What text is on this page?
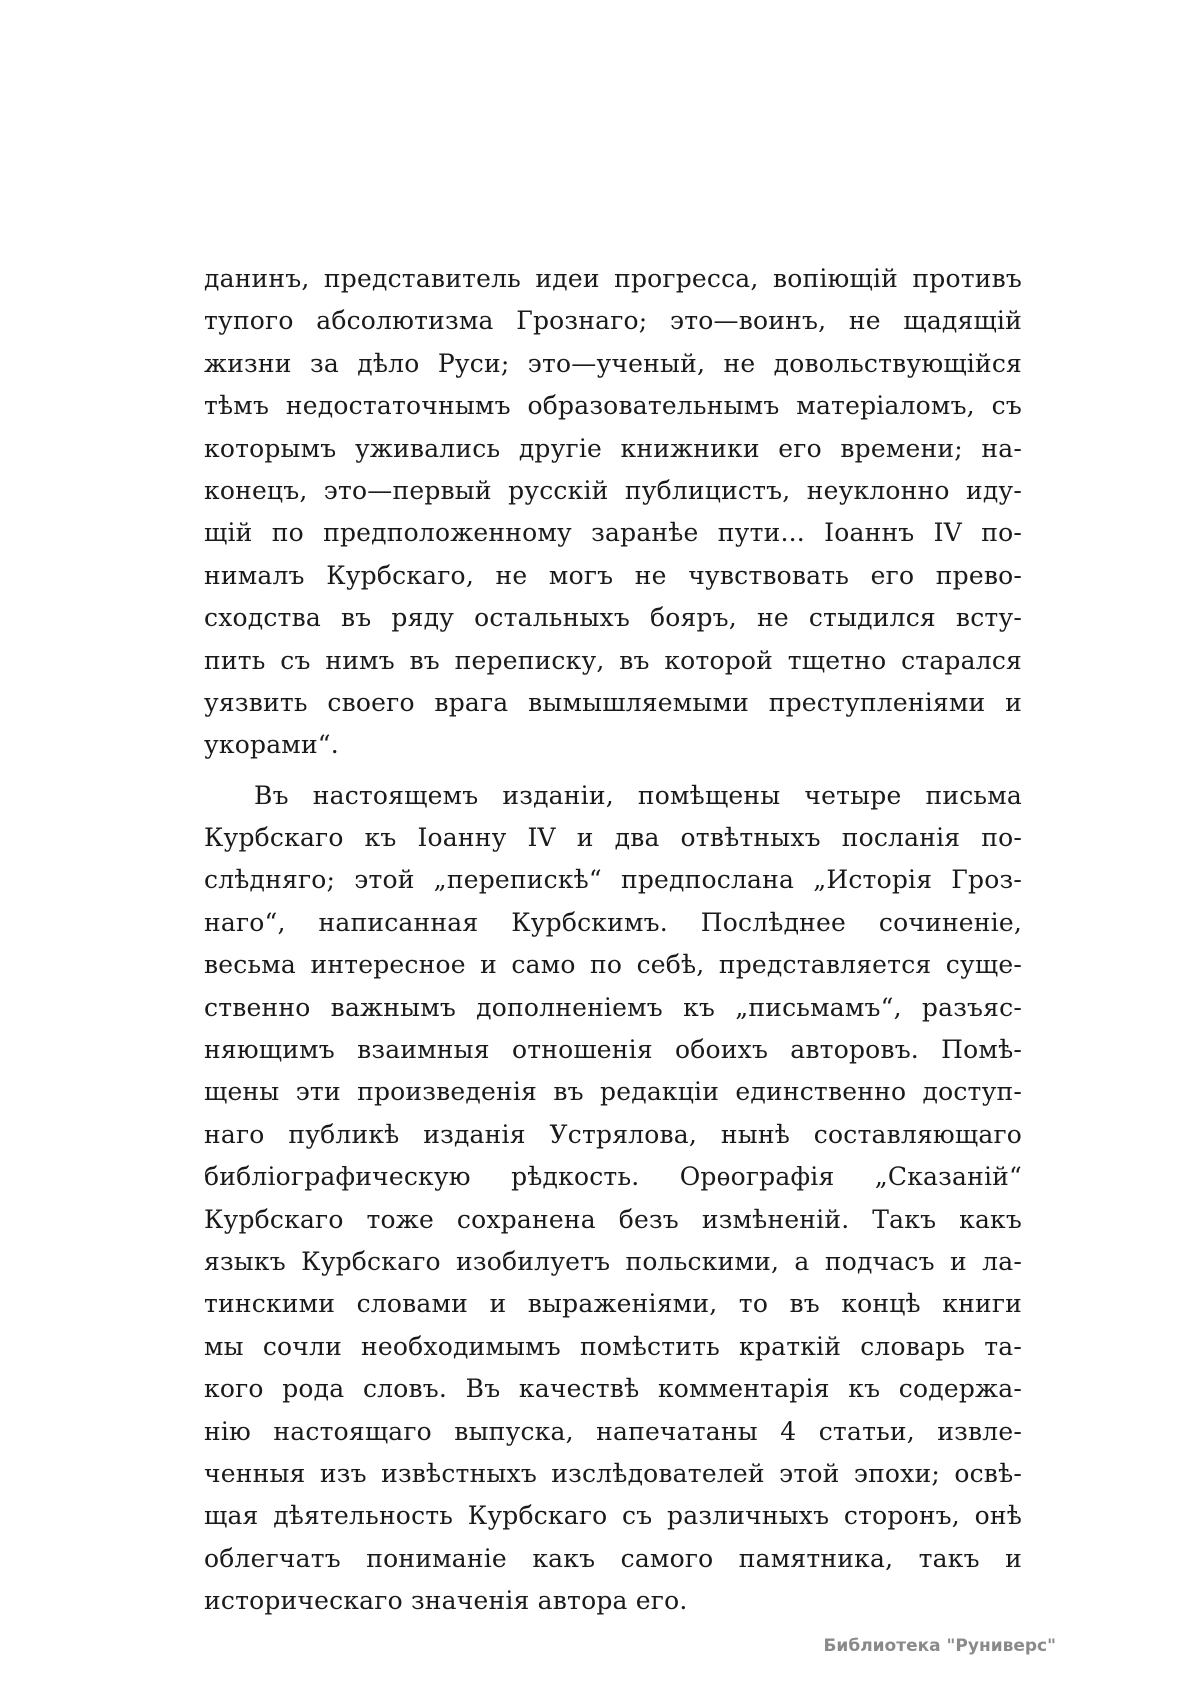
данинъ, представитель идеи прогресса, вопіющій противъ
тупого абсолютизма Грознаго; это—воинъ, не щадящій
жизни за дѣло Руси; это—ученый, не довольствующійся
тѣмъ недостаточнымъ образовательнымъ матеріаломъ, съ
которымъ уживались другіе книжники его времени; на-
конецъ, это—первый русскій публицистъ, неуклонно иду-
щій по предположенному заранѣе пути... Іоаннъ IV по-
нималъ Курбскаго, не могъ не чувствовать его прево-
сходства въ ряду остальныхъ бояръ, не стыдился всту-
пить съ нимъ въ переписку, въ которой тщетно старался
уязвить своего врага вымышляемыми преступленіями и
укорами“.
Въ настоящемъ изданіи, помѣщены четыре письма
Курбскаго къ Іоанну IV и два отвѣтныхъ посланія по-
слѣдняго; этой „перепискѣ“ предпослана „Исторія Гроз-
наго“, написанная Курбскимъ. Послѣднее сочиненіе,
весьма интересное и само по себѣ, представляется суще-
ственно важнымъ дополненіемъ къ „письмамъ“, разъяс-
няющимъ взаимныя отношенія обоихъ авторовъ. Помѣ-
щены эти произведенія въ редакціи единственно доступ-
наго публикѣ изданія Устрялова, нынѣ составляющаго
библіографическую рѣдкость. Орѳографія „Сказаній“
Курбскаго тоже сохранена безъ измѣненій. Такъ какъ
языкъ Курбскаго изобилуетъ польскими, а подчасъ и ла-
тинскими словами и выраженіями, то въ концѣ книги
мы сочли необходимымъ помѣстить краткій словарь та-
кого рода словъ. Въ качествѣ комментарія къ содержа-
нію настоящаго выпуска, напечатаны 4 статьи, извле-
ченныя изъ извѣстныхъ изслѣдователей этой эпохи; освѣ-
щая дѣятельность Курбскаго съ различныхъ сторонъ, онѣ
облегчатъ пониманіе какъ самого памятника, такъ и
историческаго значенія автора его.
Библиотека "Руниверс"
